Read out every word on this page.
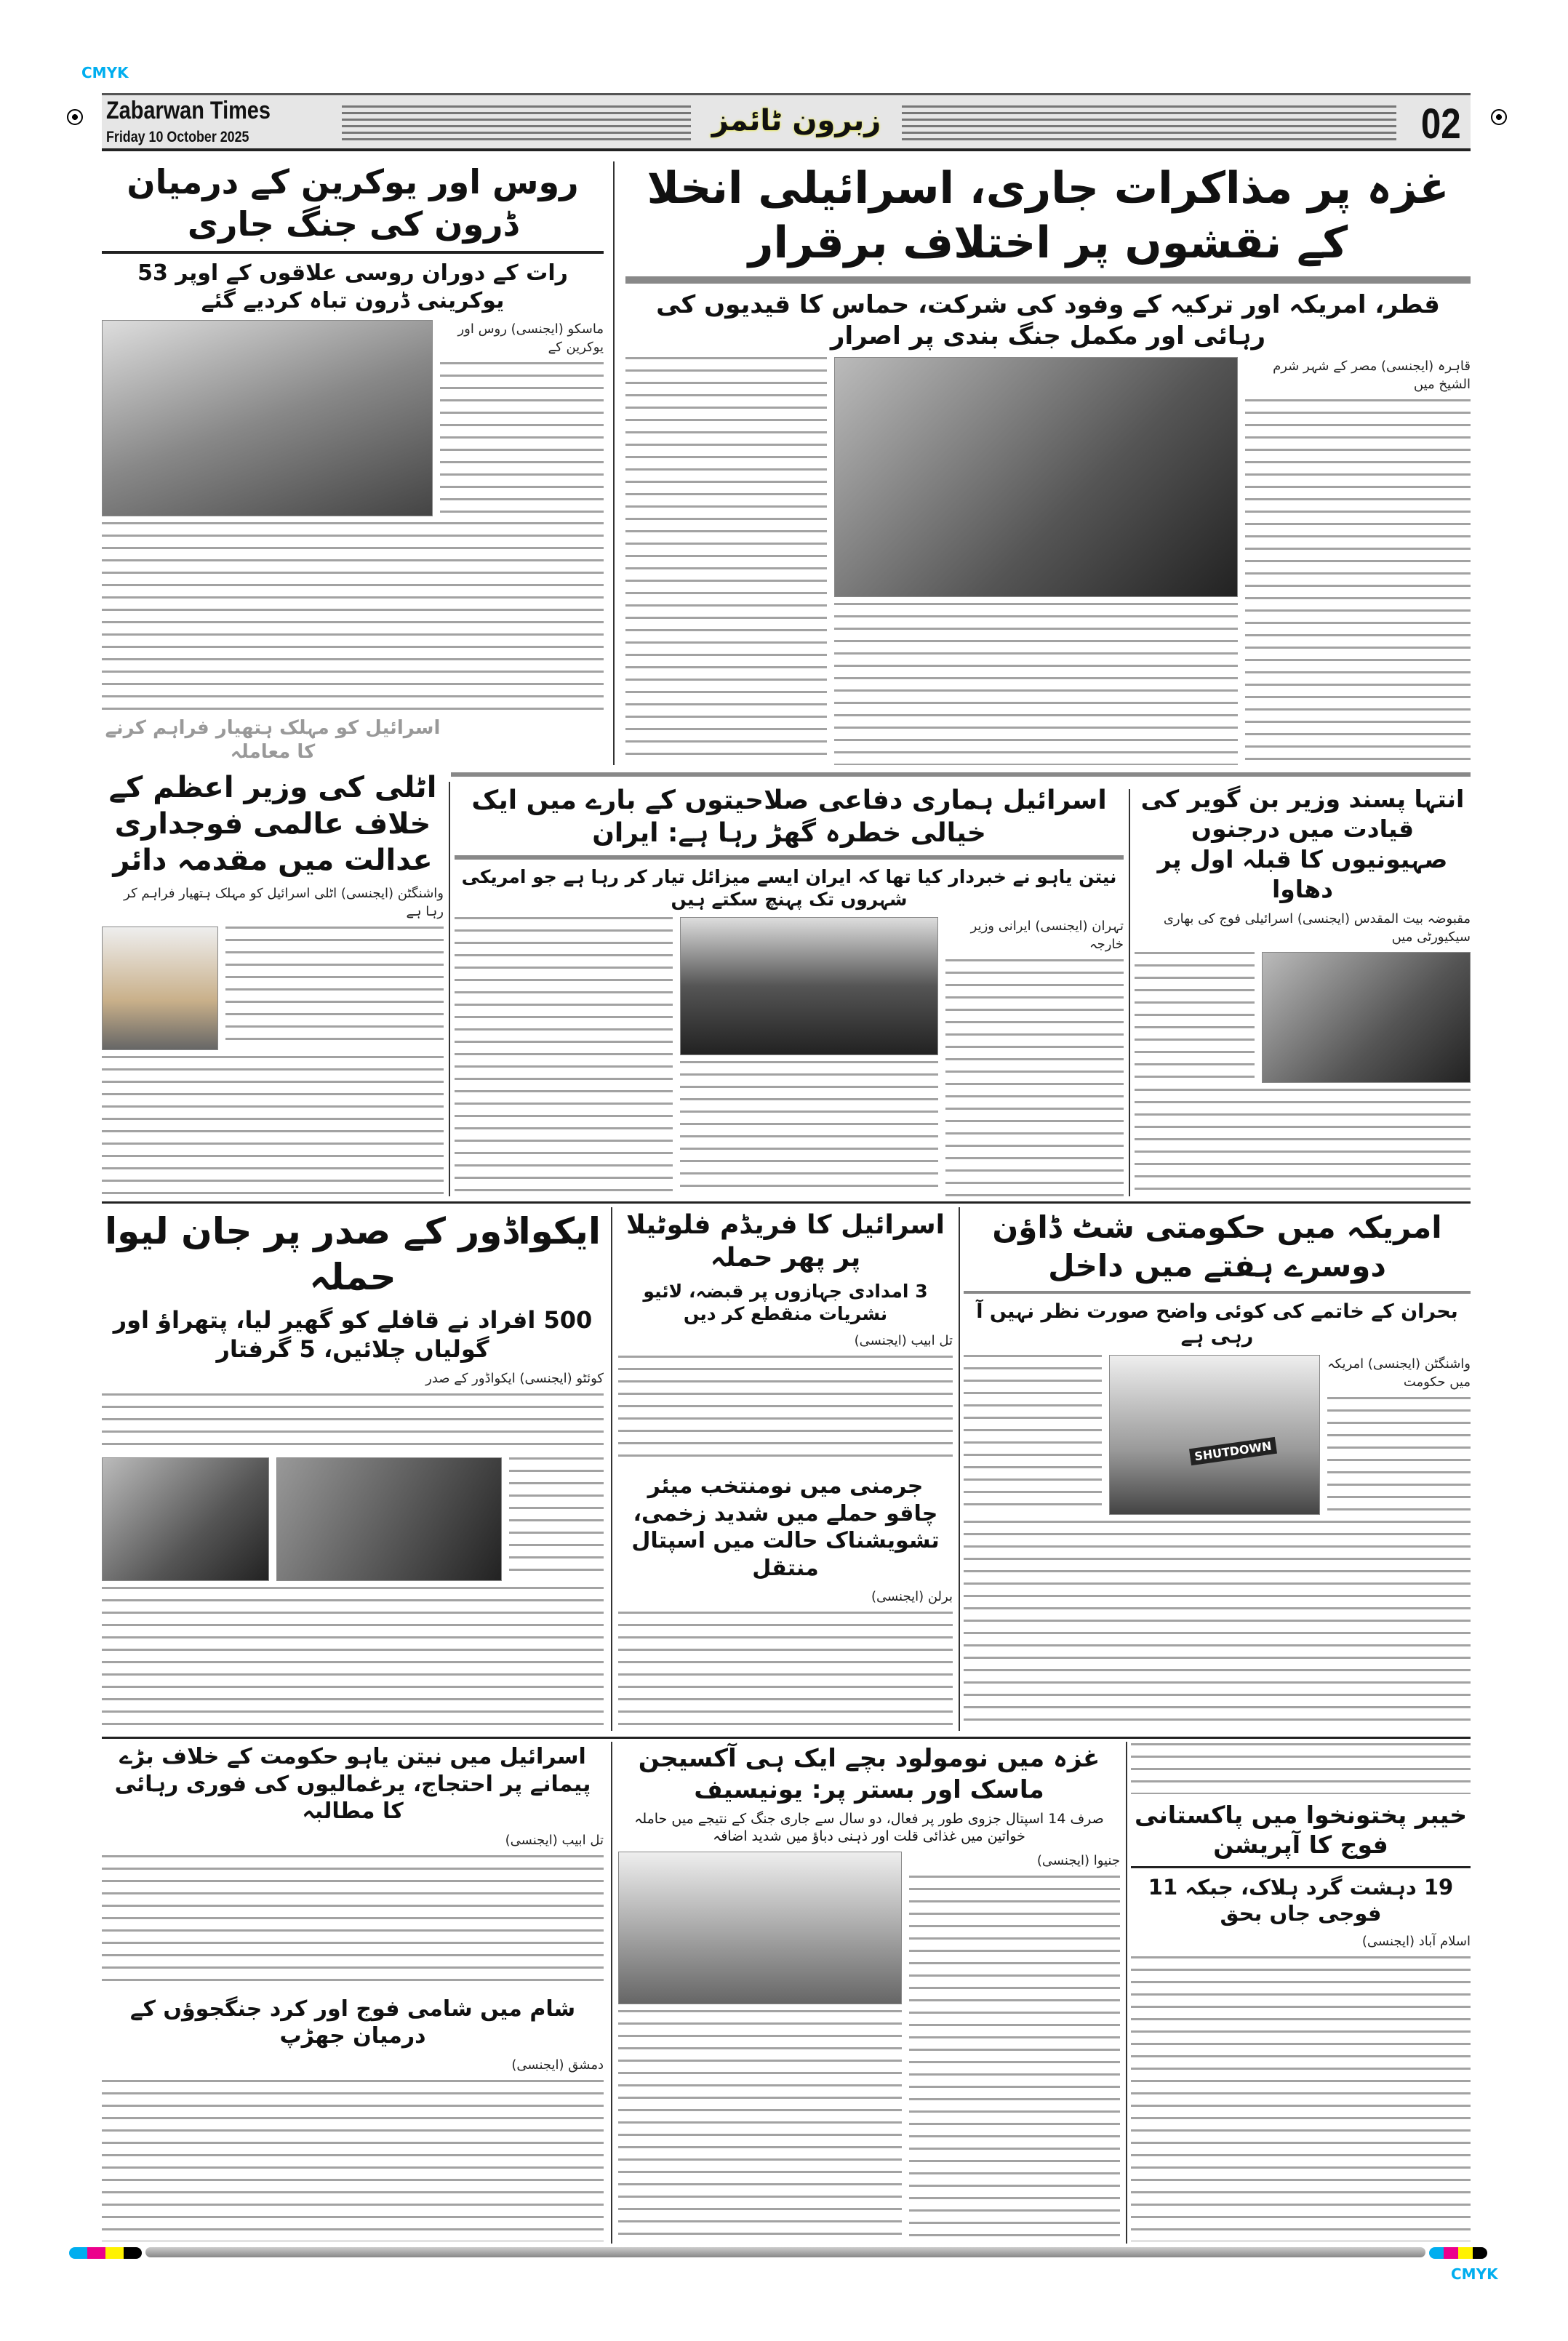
CMYK
Zabarwan Times
Friday 10 October 2025	زبرون ٹائمز	02
غزہ پر مذاکرات جاری، اسرائیلی انخلا کے نقشوں پر اختلاف برقرار
قطر، امریکہ اور ترکیہ کے وفود کی شرکت، حماس کا قیدیوں کی رہائی اور مکمل جنگ بندی پر اصرار
قاہرہ (ایجنسی) مصر کے شہر شرم الشیخ میں
روس اور یوکرین کے درمیان ڈرون کی جنگ جاری
رات کے دوران روسی علاقوں کے اوپر 53 یوکرینی ڈرون تباہ کردیے گئے
ماسکو (ایجنسی) روس اور یوکرین کے
اسرائیل کو مہلک ہتھیار فراہم کرنے کا معاملہ
اٹلی کی وزیر اعظم کے خلاف عالمی فوجداری عدالت میں مقدمہ دائر
واشنگٹن (ایجنسی) اٹلی اسرائیل کو مہلک ہتھیار فراہم کر رہا ہے
اسرائیل ہماری دفاعی صلاحیتوں کے بارے میں ایک خیالی خطرہ گھڑ رہا ہے: ایران
نیتن یاہو نے خبردار کیا تھا کہ ایران ایسے میزائل تیار کر رہا ہے جو امریکی شہروں تک پہنچ سکتے ہیں
تہران (ایجنسی) ایرانی وزیر خارجہ
انتہا پسند وزیر بن گویر کی قیادت میں درجنوں صہیونیوں کا قبلہ اول پر دھاوا
مقبوضہ بیت المقدس (ایجنسی) اسرائیلی فوج کی بھاری سیکیورٹی میں
ایکواڈور کے صدر پر جان لیوا حملہ
500 افراد نے قافلے کو گھیر لیا، پتھراؤ اور گولیاں چلائیں، 5 گرفتار
کوئٹو (ایجنسی) ایکواڈور کے صدر
اسرائیل کا فریڈم فلوٹیلا پر پھر حملہ
3 امدادی جہازوں پر قبضہ، لائیو نشریات منقطع کر دیں
تل ابیب (ایجنسی)
جرمنی میں نومنتخب میئر چاقو حملے میں شدید زخمی، تشویشناک حالت میں اسپتال منتقل
برلن (ایجنسی)
امریکہ میں حکومتی شٹ ڈاؤن دوسرے ہفتے میں داخل
بحران کے خاتمے کی کوئی واضح صورت نظر نہیں آ رہی ہے
واشنگٹن (ایجنسی) امریکہ میں حکومت
SHUTDOWN
اسرائیل میں نیتن یاہو حکومت کے خلاف بڑے پیمانے پر احتجاج، یرغمالیوں کی فوری رہائی کا مطالبہ
تل ابیب (ایجنسی)
شام میں شامی فوج اور کرد جنگجوؤں کے درمیان جھڑپ
دمشق (ایجنسی)
غزہ میں نومولود بچے ایک ہی آکسیجن ماسک اور بستر پر: یونیسیف
صرف 14 اسپتال جزوی طور پر فعال، دو سال سے جاری جنگ کے نتیجے میں حاملہ خواتین میں غذائی قلت اور ذہنی دباؤ میں شدید اضافہ
جنیوا (ایجنسی)
خیبر پختونخوا میں پاکستانی فوج کا آپریشن
19 دہشت گرد ہلاک، جبکہ 11 فوجی جاں بحق
اسلام آباد (ایجنسی)
CMYK
